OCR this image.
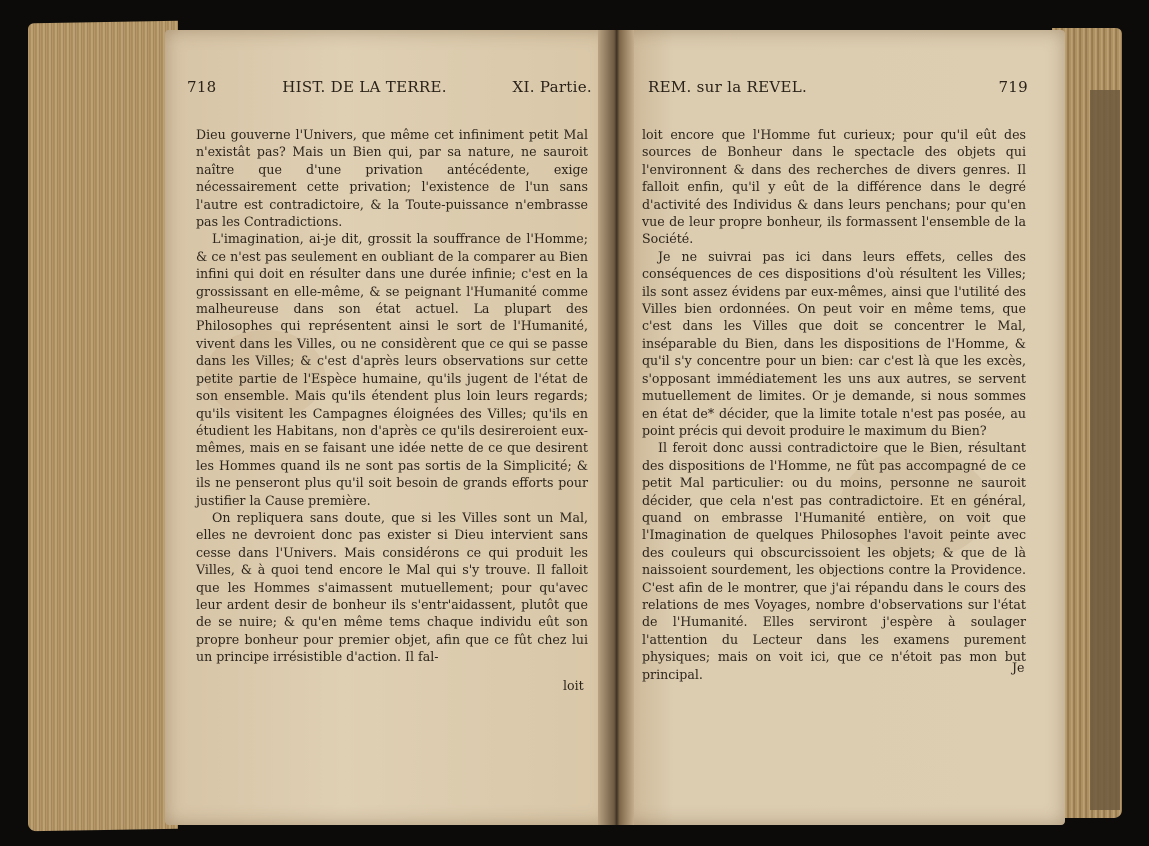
718	HIST. DE LA TERRE.	XI. Partie.	REM. sur la REVEL.	719

Dieu gouverne l'Univers, que même cet infiniment petit Mal n'existât pas? Mais un Bien qui, par sa nature, ne sauroit naître que d'une privation antécédente, exige nécessairement cette privation; l'existence de l'un sans l'autre est contradictoire, & la Toute-puissance n'embrasse pas les Contradictions.

L'imagination, ai-je dit, grossit la souffrance de l'Homme; & ce n'est pas seulement en oubliant de la comparer au Bien infini qui doit en résulter dans une durée infinie; c'est en la grossissant en elle-même, & se peignant l'Humanité comme malheureuse dans son état actuel. La plupart des Philosophes qui représentent ainsi le sort de l'Humanité, vivent dans les Villes, ou ne considèrent que ce qui se passe dans les Villes; & c'est d'après leurs observations sur cette petite partie de l'Espèce humaine, qu'ils jugent de l'état de son ensemble. Mais qu'ils étendent plus loin leurs regards; qu'ils visitent les Campagnes éloignées des Villes; qu'ils en étudient les Habitans, non d'après ce qu'ils desireroient eux-mêmes, mais en se faisant une idée nette de ce que desirent les Hommes quand ils ne sont pas sortis de la Simplicité; & ils ne penseront plus qu'il soit besoin de grands efforts pour justifier la Cause première.

On repliquera sans doute, que si les Villes sont un Mal, elles ne devroient donc pas exister si Dieu intervient sans cesse dans l'Univers. Mais considérons ce qui produit les Villes, & à quoi tend encore le Mal qui s'y trouve. Il falloit que les Hommes s'aimassent mutuellement; pour qu'avec leur ardent desir de bonheur ils s'entr'aidassent, plutôt que de se nuire; & qu'en même tems chaque individu eût son propre bonheur pour premier objet, afin que ce fût chez lui un principe irrésistible d'action. Il fal-

loit

loit encore que l'Homme fut curieux; pour qu'il eût des sources de Bonheur dans le spectacle des objets qui l'environnent & dans des recherches de divers genres. Il falloit enfin, qu'il y eût de la différence dans le degré d'activité des Individus & dans leurs penchans; pour qu'en vue de leur propre bonheur, ils formassent l'ensemble de la Société.

Je ne suivrai pas ici dans leurs effets, celles des conséquences de ces dispositions d'où résultent les Villes; ils sont assez évidens par eux-mêmes, ainsi que l'utilité des Villes bien ordonnées. On peut voir en même tems, que c'est dans les Villes que doit se concentrer le Mal, inséparable du Bien, dans les dispositions de l'Homme, & qu'il s'y concentre pour un bien: car c'est là que les excès, s'opposant immédiatement les uns aux autres, se servent mutuellement de limites. Or je demande, si nous sommes en état de* décider, que la limite totale n'est pas posée, au point précis qui devoit produire le maximum du Bien?

Il feroit donc aussi contradictoire que le Bien, résultant des dispositions de l'Homme, ne fût pas accompagné de ce petit Mal particulier: ou du moins, personne ne sauroit décider, que cela n'est pas contradictoire. Et en général, quand on embrasse l'Humanité entière, on voit que l'Imagination de quelques Philosophes l'avoit peinte avec des couleurs qui obscurcissoient les objets; & que de là naissoient sourdement, les objections contre la Providence. C'est afin de le montrer, que j'ai répandu dans le cours des relations de mes Voyages, nombre d'observations sur l'état de l'Humanité. Elles serviront j'espère à soulager l'attention du Lecteur dans les examens purement physiques; mais on voit ici, que ce n'étoit pas mon but principal.	Je
